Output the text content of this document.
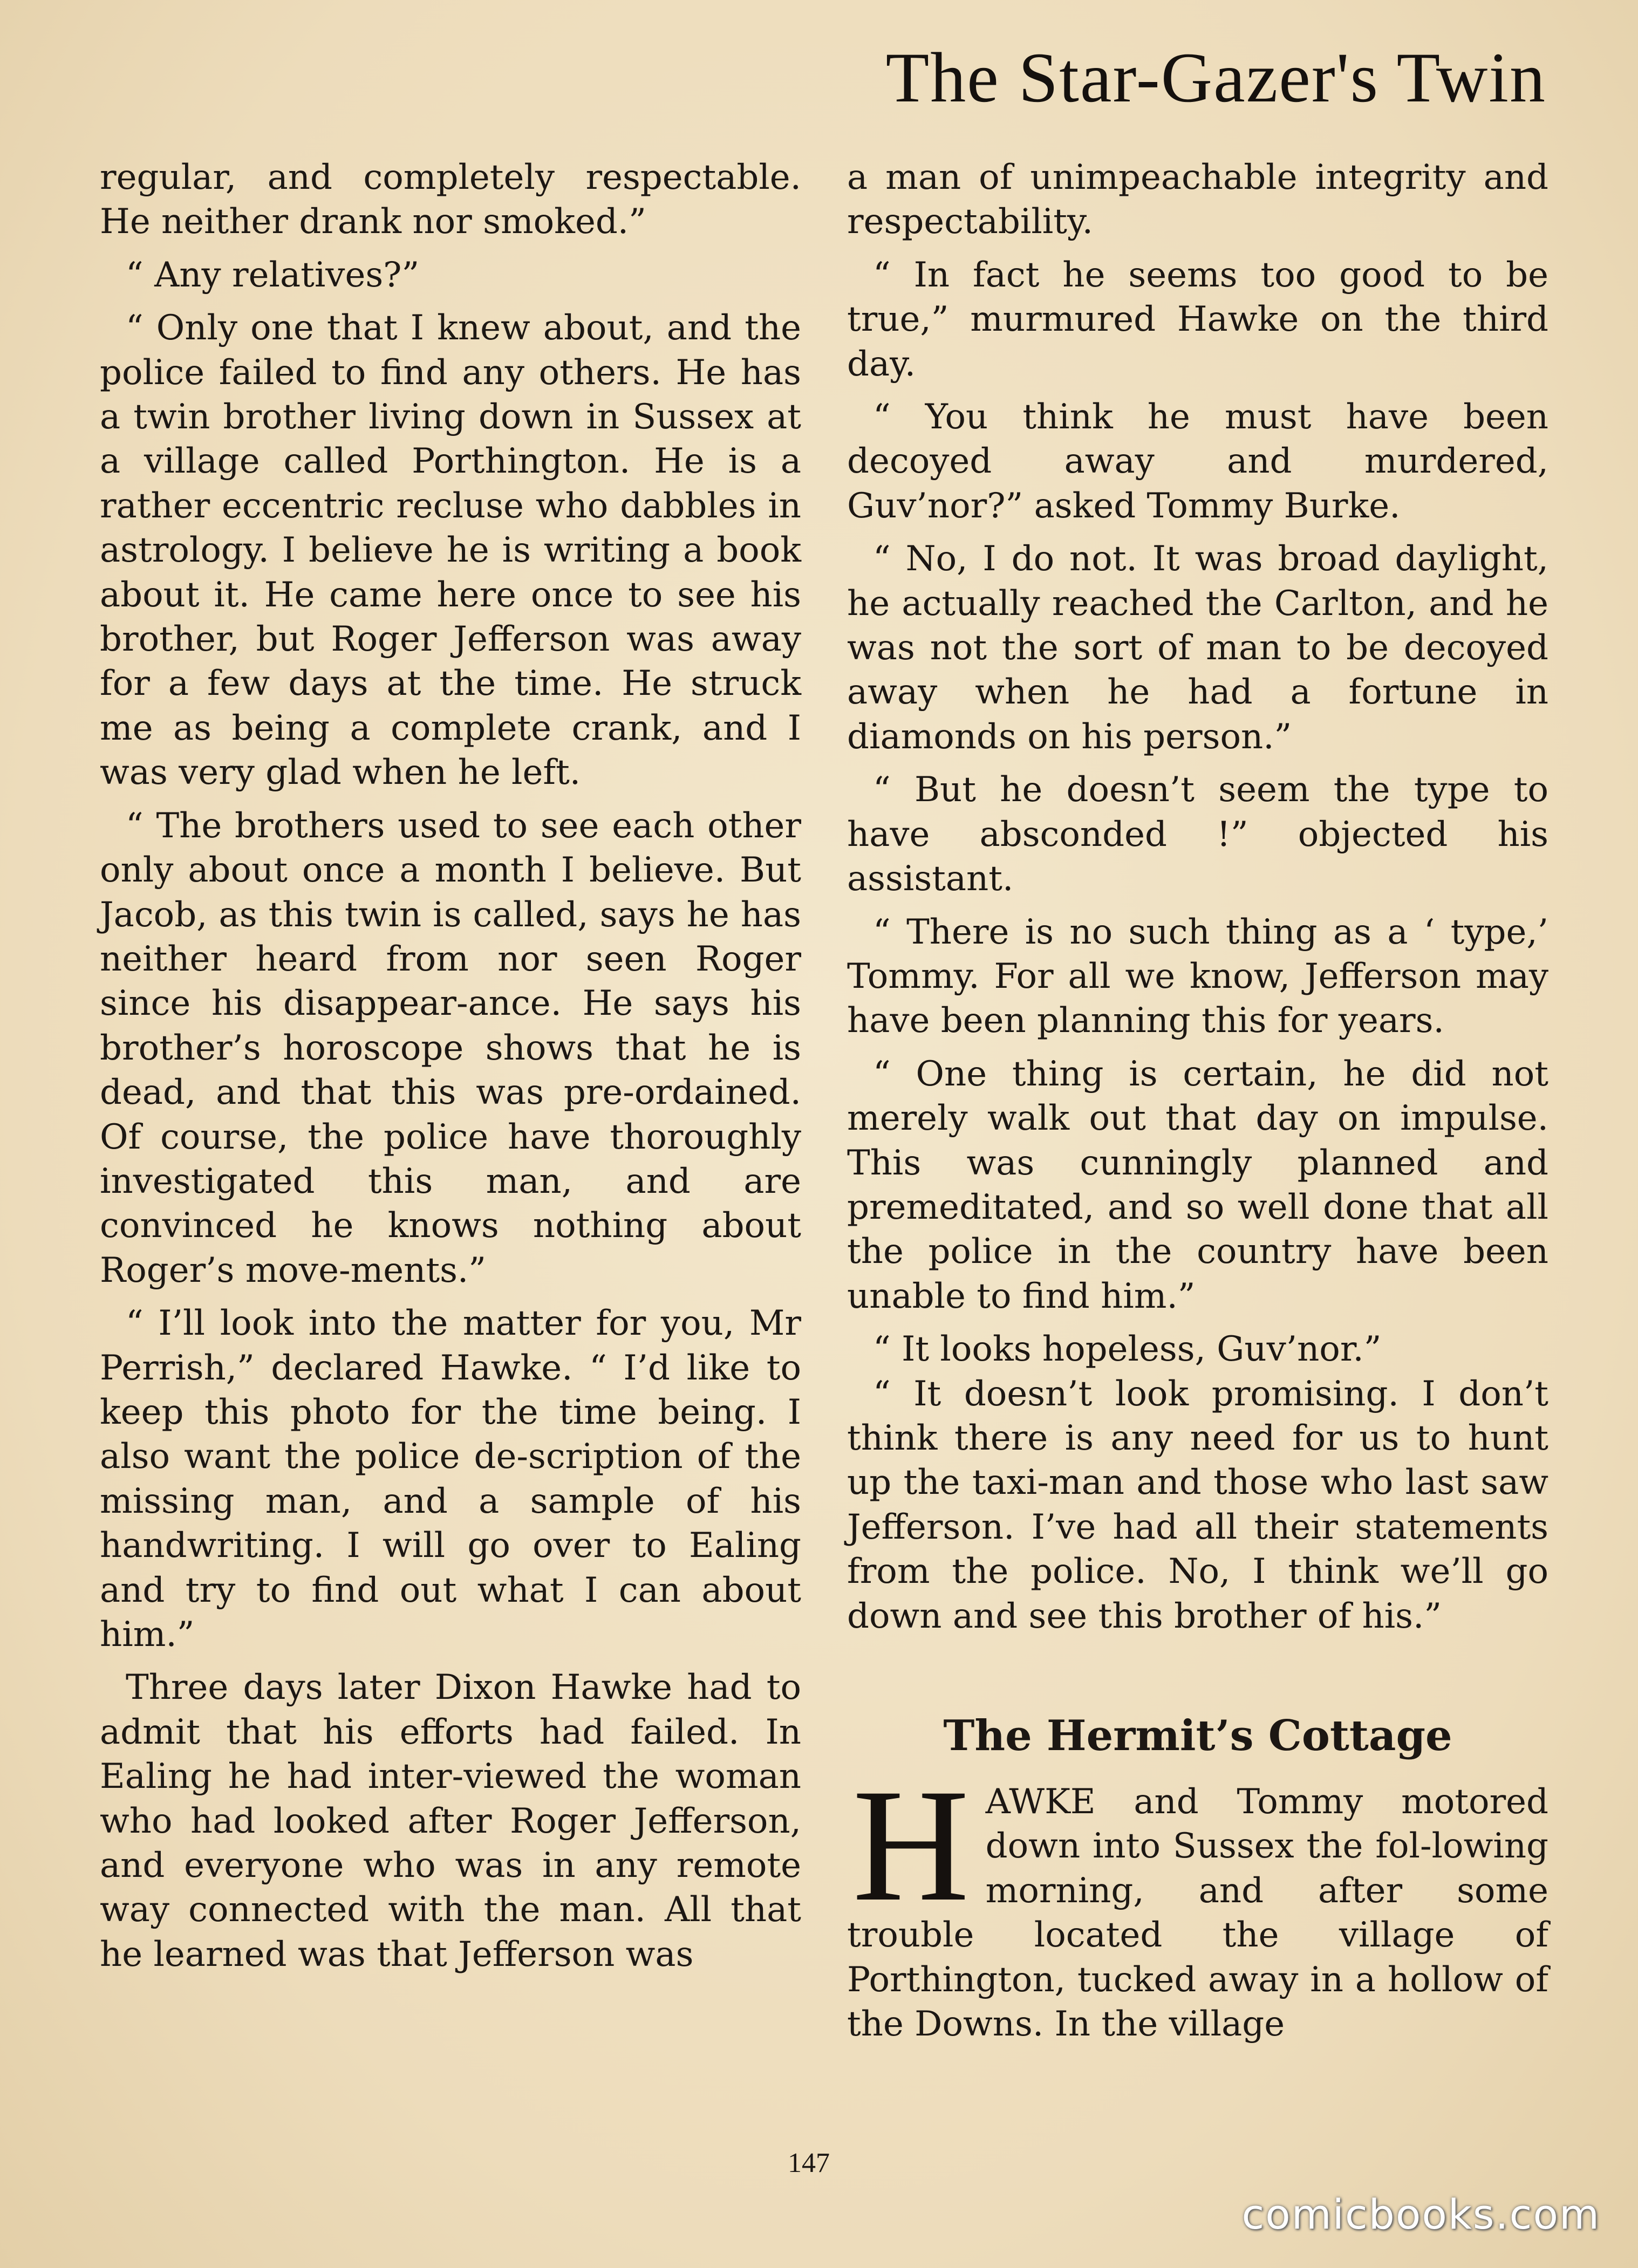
The Star-Gazer's Twin

regular, and completely respectable. He neither drank nor smoked.”

“ Any relatives?”

“ Only one that I knew about, and the police failed to find any others. He has a twin brother living down in Sussex at a village called Porthington. He is a rather eccentric recluse who dabbles in astrology. I believe he is writing a book about it. He came here once to see his brother, but Roger Jefferson was away for a few days at the time. He struck me as being a complete crank, and I was very glad when he left.

“ The brothers used to see each other only about once a month I believe. But Jacob, as this twin is called, says he has neither heard from nor seen Roger since his disappear-ance. He says his brother’s horoscope shows that he is dead, and that this was pre-ordained. Of course, the police have thoroughly investigated this man, and are convinced he knows nothing about Roger’s move-ments.”

“ I’ll look into the matter for you, Mr Perrish,” declared Hawke. “ I’d like to keep this photo for the time being. I also want the police de-scription of the missing man, and a sample of his handwriting. I will go over to Ealing and try to find out what I can about him.”

Three days later Dixon Hawke had to admit that his efforts had failed. In Ealing he had inter-viewed the woman who had looked after Roger Jefferson, and everyone who was in any remote way connected with the man. All that he learned was that Jefferson was

a man of unimpeachable integrity and respectability.

“ In fact he seems too good to be true,” murmured Hawke on the third day.

“ You think he must have been decoyed away and murdered, Guv’nor?” asked Tommy Burke.

“ No, I do not. It was broad daylight, he actually reached the Carlton, and he was not the sort of man to be decoyed away when he had a fortune in diamonds on his person.”

“ But he doesn’t seem the type to have absconded !” objected his assistant.

“ There is no such thing as a ‘ type,’ Tommy. For all we know, Jefferson may have been planning this for years.

“ One thing is certain, he did not merely walk out that day on impulse. This was cunningly planned and premeditated, and so well done that all the police in the country have been unable to find him.”

“ It looks hopeless, Guv’nor.”

“ It doesn’t look promising. I don’t think there is any need for us to hunt up the taxi-man and those who last saw Jefferson. I’ve had all their statements from the police. No, I think we’ll go down and see this brother of his.”

The Hermit’s Cottage
H AWKE and Tommy motored down into Sussex the fol-lowing morning, and after some trouble located the village of Porthington, tucked away in a hollow of the Downs. In the village

147
comicbooks.com
